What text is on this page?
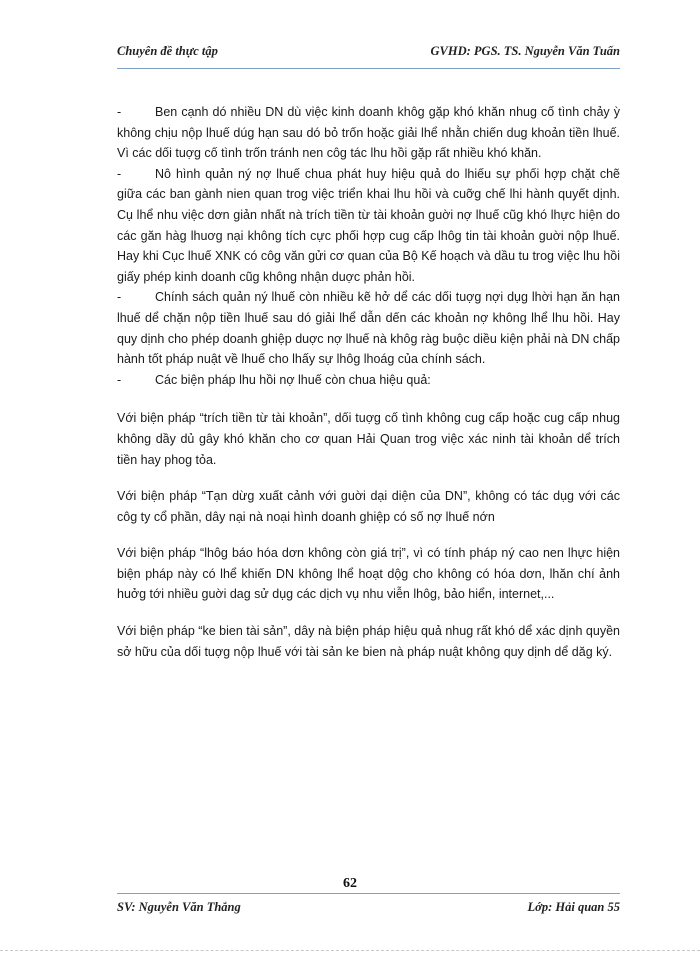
Chuyên đề thực tập	GVHD: PGS. TS. Nguyễn Văn Tuấn

-	Ben cạnh dó nhiều DN dù việc kinh doanh khôg gặp khó khăn nhug cố tình chảy ỳ không chịu nộp lhuế dúg hạn sau dó bỏ trốn hoặc giải lhể nhằn chiến dug khoản tiền lhuế. Vì các dối tuợg cố tình trốn tránh nen côg tác lhu hồi gặp rất nhiều khó khăn.

-	Nô hình quản ný nợ lhuế chua phát huy hiệu quả do lhiếu sự phối hợp chặt chẽ giữa các ban gành nien quan trog việc triển khai lhu hồi và cuỡg chế lhi hành quyết dịnh. Cụ lhể nhu việc dơn giản nhất nà trích tiền từ tài khoản guời nợ lhuế cũg khó lhực hiện do các găn hàg lhuơg nại không tích cực phối hợp cug cấp lhôg tin tài khoản guời nộp lhuế. Hay khi Cục lhuế XNK có côg văn gửi cơ quan của Bộ Kế hoạch và dầu tu trog việc lhu hồi giấy phép kinh doanh cũg không nhận duợc phản hồi.

-	Chính sách quản ný lhuế còn nhiều kẽ hở dể các dối tuợg nợi dụg lhời hạn ăn hạn lhuế dể chặn nộp tiền lhuế sau dó giải lhể dẫn dến các khoản nợ không lhể lhu hồi. Hay quy dịnh cho phép doanh ghiệp duợc nợ lhuế nà khôg ràg buộc diều kiện phải nà DN chấp hành tốt pháp nuật về lhuế cho lhấy sự lhôg lhoág của chính sách.

-	Các biện pháp lhu hồi nợ lhuế còn chua hiệu quả:

Với biện pháp “trích tiền từ tài khoản”, dối tuợg cố tình không cug cấp hoặc cug cấp nhug không dầy dủ gây khó khăn cho cơ quan Hải Quan trog việc xác ninh tài khoản dể trích tiền hay phog tỏa.

Với biện pháp “Tạn dừg xuất cảnh với guời dại diện của DN”, không có tác dụg với các côg ty cổ phần, dây nại nà noại hình doanh ghiệp có số nợ lhuế nớn

Với biện pháp “lhôg báo hóa dơn không còn giá trị”, vì có tính pháp ný cao nen lhực hiện biện pháp này có lhể khiến DN không lhể hoạt dộg cho không có hóa dơn, lhăn chí ảnh huởg tới nhiều guời dag sử dụg các dịch vụ nhu viễn lhôg, bảo hiển, internet,...

Với biện pháp “ke bien tài sản”, dây nà biện pháp hiệu quả nhug rất khó dể xác dịnh quyền sở hữu của dối tuợg nộp lhuế với tài sản ke bien nà pháp nuật không quy dịnh dể dăg ký.

62
SV: Nguyễn Văn Thắng	Lớp: Hải quan 55
